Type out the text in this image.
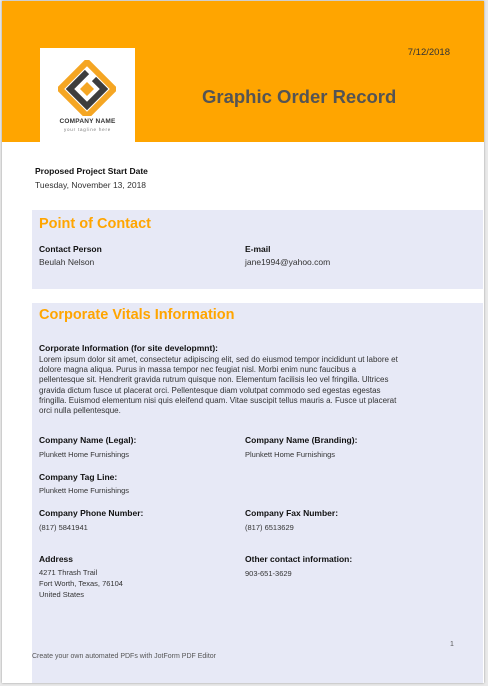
COMPANY NAME
your tagline here
7/12/2018
Graphic Order Record
Proposed Project Start Date
Tuesday, November 13, 2018
Point of Contact
Contact Person
Beulah Nelson
E-mail
jane1994@yahoo.com
Corporate Vitals Information
Corporate Information (for site developmnt):
Lorem ipsum dolor sit amet, consectetur adipiscing elit, sed do eiusmod tempor incididunt ut labore et
dolore magna aliqua. Purus in massa tempor nec feugiat nisl. Morbi enim nunc faucibus a
pellentesque sit. Hendrerit gravida rutrum quisque non. Elementum facilisis leo vel fringilla. Ultrices
gravida dictum fusce ut placerat orci. Pellentesque diam volutpat commodo sed egestas egestas
fringilla. Euismod elementum nisi quis eleifend quam. Vitae suscipit tellus mauris a. Fusce ut placerat
orci nulla pellentesque.
Company Name (Legal):
Plunkett Home Furnishings
Company Name (Branding):
Plunkett Home Furnishings
Company Tag Line:
Plunkett Home Furnishings
Company Phone Number:
(817) 5841941
Company Fax Number:
(817) 6513629
Address
4271 Thrash Trail
Fort Worth, Texas, 76104
United States
Other contact information:
903-651-3629
1
Create your own automated PDFs with JotForm PDF Editor
